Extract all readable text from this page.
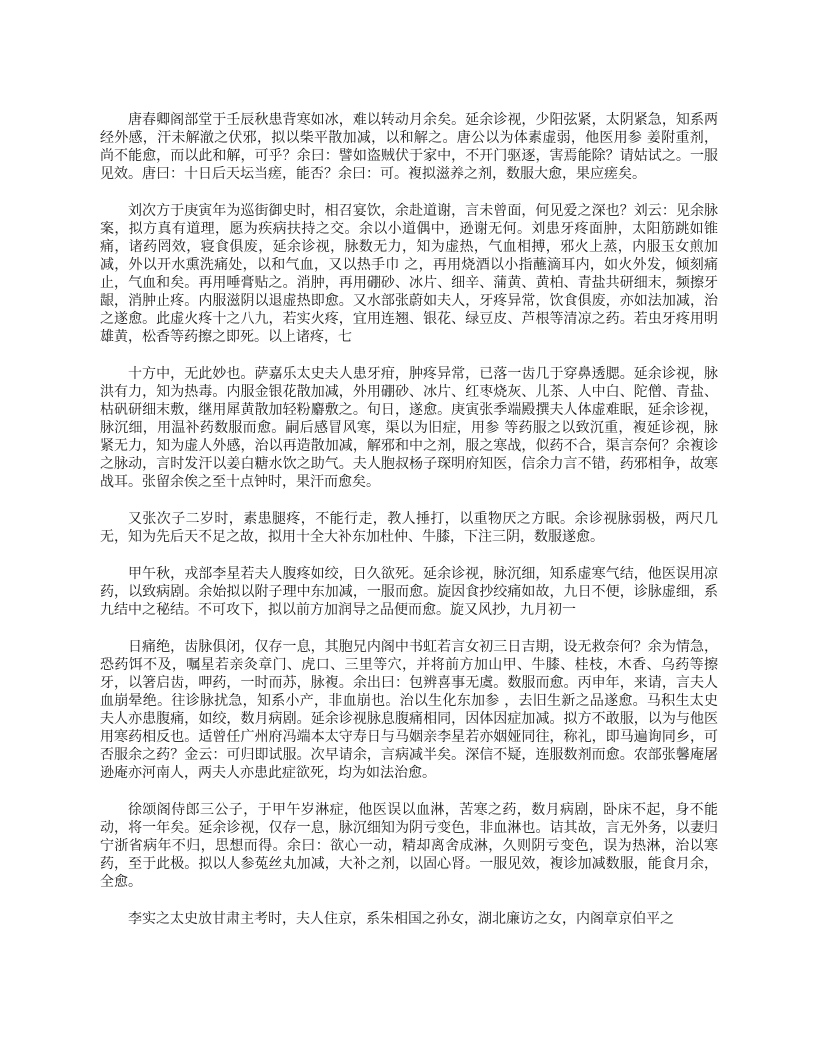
唐春卿阁部堂于壬辰秋患背寒如冰，难以转动月余矣。延余诊视，少阳弦紧，太阴紧急，知系两经外感，汗未解澈之伏邪，拟以柴平散加减，以和解之。唐公以为体素虚弱，他医用参 姜附重剂，尚不能愈，而以此和解，可乎？余曰：譬如盗贼伏于家中，不开门驱逐，害焉能除？请姑试之。一服见效。唐曰：十日后天坛当瘥，能否？余曰：可。複拟滋养之剂，数服大愈，果应瘥矣。

刘次方于庚寅年为巡街御史时，相召宴饮，余赴道谢，言未曾面，何见爱之深也？刘云：见余脉案，拟方真有道理，愿为疾病扶持之交。余以小道偶中，逊谢无何。刘患牙疼面肿，太阳筋跳如锥痛，诸药罔效，寝食俱废，延余诊视，脉数无力，知为虚热，气血相搏，邪火上蒸，内服玉女煎加减，外以开水熏洗痛处，以和气血，又以热手巾 之，再用烧酒以小指蘸滴耳内，如火外发，倾刻痛止，气血和矣。再用唾膏贴之。消肿，再用硼砂、冰片、细辛、蒲黄、黄柏、青盐共研细末，频擦牙龈，消肿止疼。内服滋阴以退虚热即愈。又水部张蔚如夫人，牙疼异常，饮食俱废，亦如法加减，治之遂愈。此虚火疼十之八九，若实火疼，宜用连翘、银花、绿豆皮、芦根等清凉之药。若虫牙疼用明雄黄，松香等药擦之即死。以上诸疼，七

十方中，无此妙也。萨嘉乐太史夫人患牙疳，肿疼异常，已落一齿几于穿鼻透腮。延余诊视，脉洪有力，知为热毒。内服金银花散加减，外用硼砂、冰片、红枣烧灰、儿茶、人中白、陀僧、青盐、枯矾研细末敷，继用犀黄散加轻粉麝敷之。旬日，遂愈。庚寅张季端殿撰夫人体虚难眠，延余诊视，脉沉细，用温补药数服而愈。嗣后感冒风寒，渠以为旧症，用参 等药服之以致沉重，複延诊视，脉紧无力，知为虚人外感，治以再造散加减，解邪和中之剂，服之寒战，似药不合，渠言奈何？余複诊之脉动，言时发汗以姜白糖水饮之助气。夫人胞叔杨子琛明府知医，信余力言不错，药邪相争，故寒战耳。张留余俟之至十点钟时，果汗而愈矣。

又张次子二岁时，素患腿疼，不能行走，教人捶打，以重物厌之方眠。余诊视脉弱极，两尺几无，知为先后天不足之故，拟用十全大补东加杜仲、牛膝，下注三阴，数服遂愈。

甲午秋，戎部李星若夫人腹疼如绞，日久欲死。延余诊视，脉沉细，知系虚寒气结，他医误用凉药，以致病剧。余始拟以附子理中东加减，一服而愈。旋因食抄绞痛如故，九日不便，诊脉虚细，系九结中之秘结。不可攻下，拟以前方加润导之品便而愈。旋又风抄，九月初一

日痛绝，齿脉俱闭，仅存一息，其胞兄内阁中书虹若言女初三日吉期，设无救奈何？余为情急，恐药饵不及，嘱星若亲灸章门、虎口、三里等穴，并将前方加山甲、牛膝、桂枝，木香、乌药等擦牙，以箸启齿，呷药，一时而苏，脉複。余出曰：包辨喜事无虞。数服而愈。丙申年，来请，言夫人血崩晕绝。往诊脉扰急，知系小产，非血崩也。治以生化东加参 ，去旧生新之品遂愈。马积生太史夫人亦患腹痛，如绞，数月病剧。延余诊视脉息腹痛相同，因体因症加减。拟方不敢服，以为与他医用寒药相反也。适曾任广州府冯端本太守寿日与马姻亲李星若亦姻娅同往，称礼，即马遍询同乡，可否服余之药？金云：可归即试服。次早请余，言病减半矣。深信不疑，连服数剂而愈。农部张馨庵屠逊庵亦河南人，两夫人亦患此症欲死，均为如法治愈。

徐颂阁侍郎三公子，于甲午岁淋症，他医误以血淋，苦寒之药，数月病剧，卧床不起，身不能动，将一年矣。延余诊视，仅存一息，脉沉细知为阴亏变色，非血淋也。诘其故，言无外务，以妻归宁浙省病年不归，思想而得。余曰：欲心一动，精却离舍成淋，久则阴亏变色，误为热淋，治以寒药，至于此极。拟以人参菟丝丸加减，大补之剂，以固心肾。一服见效，複诊加减数服，能食月余，全愈。

李实之太史放甘肃主考时，夫人住京，系朱相国之孙女，湖北廉访之女，内阁章京伯平之
